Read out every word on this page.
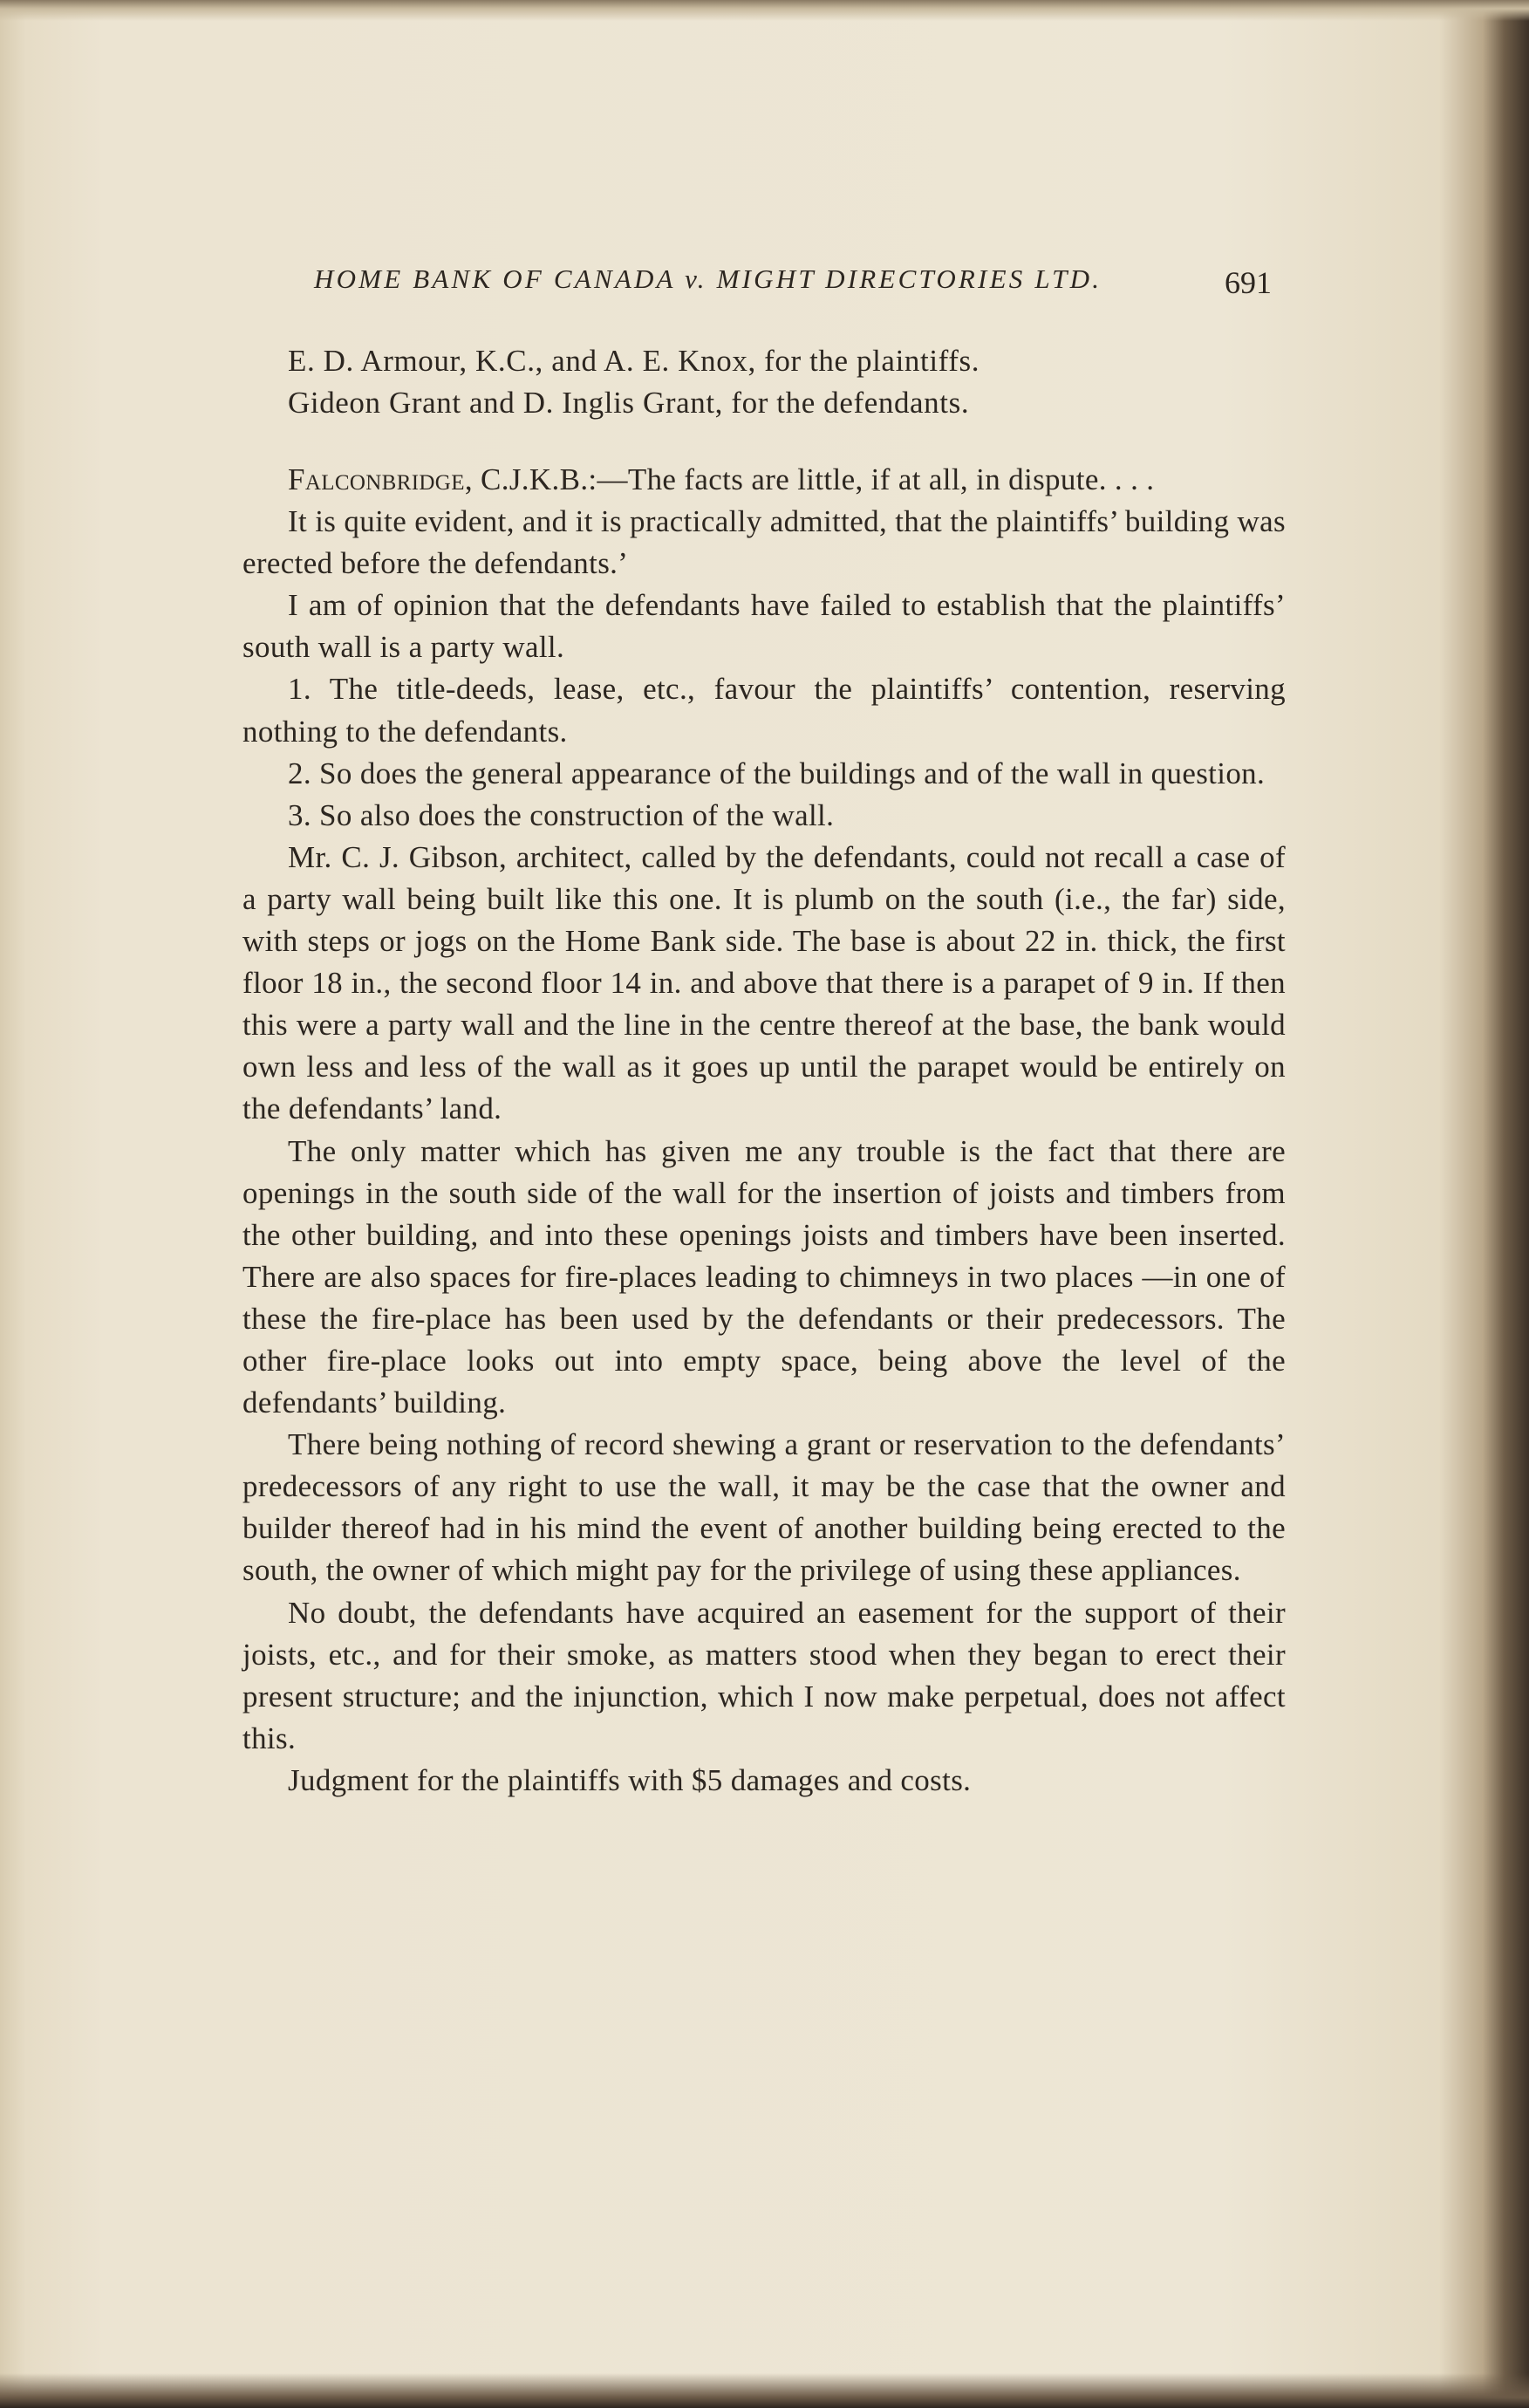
HOME BANK OF CANADA v. MIGHT DIRECTORIES LTD.	691

E. D. Armour, K.C., and A. E. Knox, for the plaintiffs.

Gideon Grant and D. Inglis Grant, for the defendants.

Falconbridge, C.J.K.B.:—The facts are little, if at all, in dispute. . . .

It is quite evident, and it is practically admitted, that the plaintiffs’ building was erected before the defendants.’

I am of opinion that the defendants have failed to establish that the plaintiffs’ south wall is a party wall.

1. The title-deeds, lease, etc., favour the plaintiffs’ contention, reserving nothing to the defendants.

2. So does the general appearance of the buildings and of the wall in question.

3. So also does the construction of the wall.

Mr. C. J. Gibson, architect, called by the defendants, could not recall a case of a party wall being built like this one. It is plumb on the south (i.e., the far) side, with steps or jogs on the Home Bank side. The base is about 22 in. thick, the first floor 18 in., the second floor 14 in. and above that there is a parapet of 9 in. If then this were a party wall and the line in the centre thereof at the base, the bank would own less and less of the wall as it goes up until the parapet would be entirely on the defendants’ land.

The only matter which has given me any trouble is the fact that there are openings in the south side of the wall for the insertion of joists and timbers from the other building, and into these openings joists and timbers have been inserted. There are also spaces for fire-places leading to chimneys in two places —in one of these the fire-place has been used by the defendants or their predecessors. The other fire-place looks out into empty space, being above the level of the defendants’ building.

There being nothing of record shewing a grant or reservation to the defendants’ predecessors of any right to use the wall, it may be the case that the owner and builder thereof had in his mind the event of another building being erected to the south, the owner of which might pay for the privilege of using these appliances.

No doubt, the defendants have acquired an easement for the support of their joists, etc., and for their smoke, as matters stood when they began to erect their present structure; and the injunction, which I now make perpetual, does not affect this.

Judgment for the plaintiffs with $5 damages and costs.
